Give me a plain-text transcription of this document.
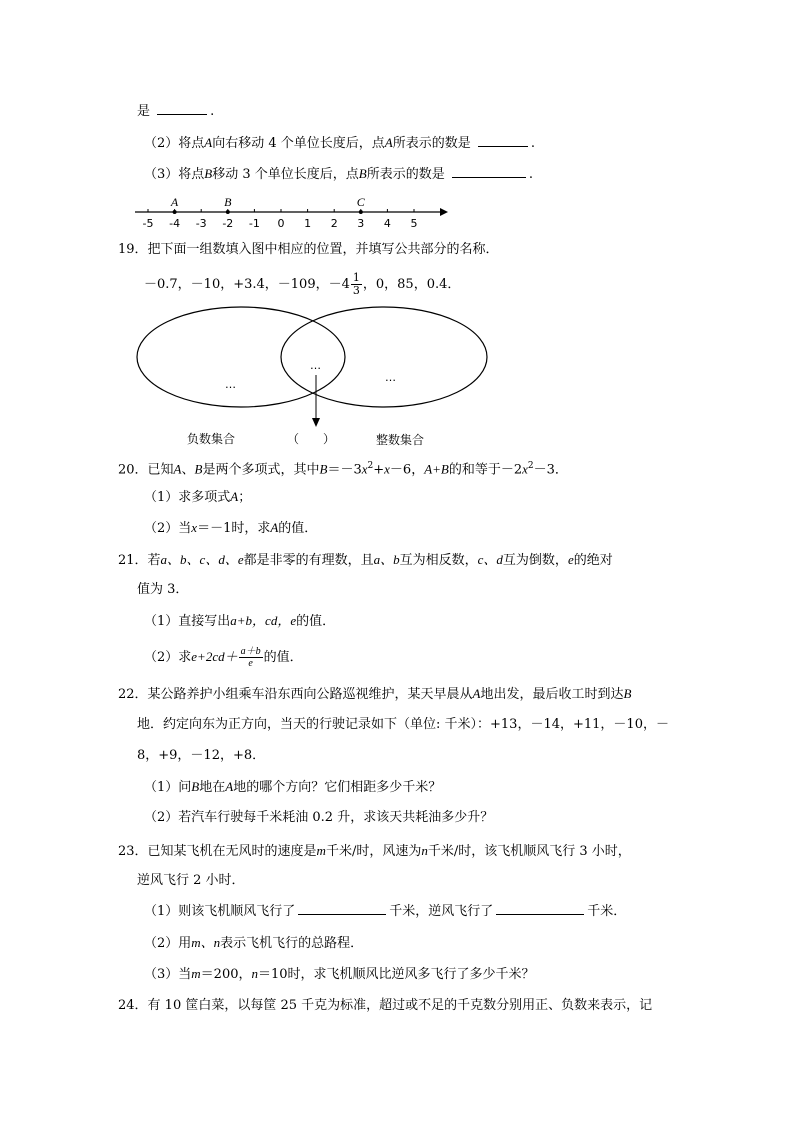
是	.
（2）将点A向右移动 4 个单位长度后，点A所表示的数是	.
（3）将点B移动 3 个单位长度后，点B所表示的数是	.
-5 -4 -3 -2 -1 0 1 2 3 4 5
A	B	C
19．把下面一组数填入图中相应的位置，并填写公共部分的名称．
－0.7，－10，+3.4，－109，$-4 \frac{1}{3}$ ，0，85，0.4．
…
…
…
负数集合	（　　）	整数集合
20．已知A、B是两个多项式，其中$B=-3x^2+x-6$，A+B的和等于$-2x^2-3$．
（1）求多项式A；
（2）当x＝－1时，求A的值．
21．若a、b、c、d、e都是非零的有理数，且a、b互为相反数，c、d互为倒数，e的绝对
值为 3．
（1）直接写出a+b，cd，e的值．
（2）求$e+2cd+ \frac{a+b}{e}$ 的值．
22．某公路养护小组乘车沿东西向公路巡视维护，某天早晨从A地出发，最后收工时到达B
地．约定向东为正方向，当天的行驶记录如下（单位: 千米）：+13，－14，+11，－10，－
8，+9，－12，+8．
（1）问B地在A地的哪个方向？它们相距多少千米？
（2）若汽车行驶每千米耗油 0.2 升，求该天共耗油多少升？
23．已知某飞机在无风时的速度是m千米/时，风速为n千米/时，该飞机顺风飞行 3 小时，
逆风飞行 2 小时．
（1）则该飞机顺风飞行了	千米，逆风飞行了	千米．
（2）用m、n表示飞机飞行的总路程．
（3）当m＝200，n＝10时，求飞机顺风比逆风多飞行了多少千米？
24．有 10 筐白菜，以每筐 25 千克为标准，超过或不足的千克数分别用正、负数来表示，记
